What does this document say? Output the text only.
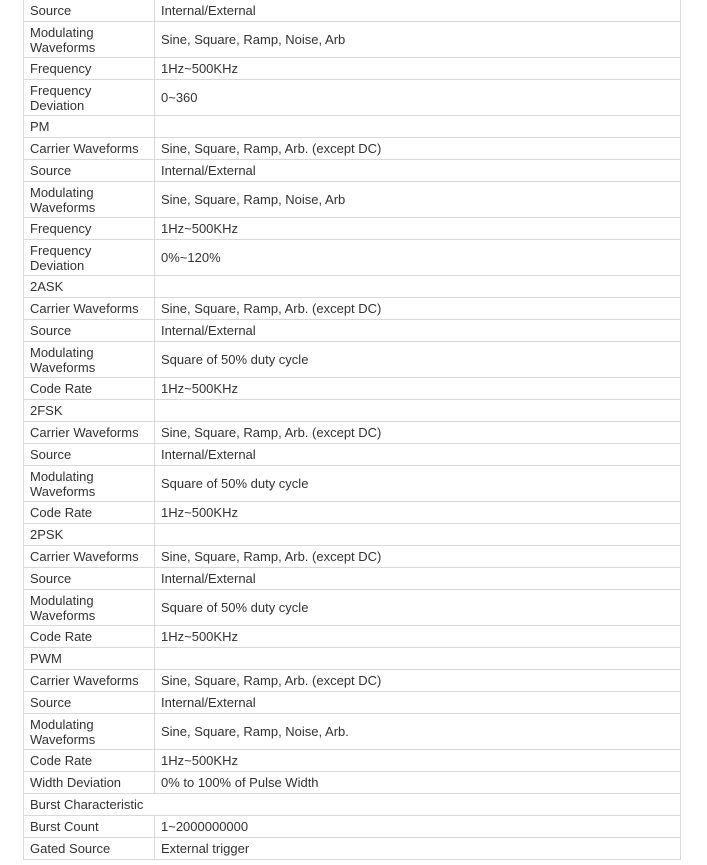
Source	Internal/External
Modulating Waveforms	Sine, Square, Ramp, Noise, Arb
Frequency	1Hz~500KHz
Frequency Deviation	0~360
PM	
Carrier Waveforms	Sine, Square, Ramp, Arb. (except DC)
Source	Internal/External
Modulating Waveforms	Sine, Square, Ramp, Noise, Arb
Frequency	1Hz~500KHz
Frequency Deviation	0%~120%
2ASK	
Carrier Waveforms	Sine, Square, Ramp, Arb. (except DC)
Source	Internal/External
Modulating Waveforms	Square of 50% duty cycle
Code Rate	1Hz~500KHz
2FSK	
Carrier Waveforms	Sine, Square, Ramp, Arb. (except DC)
Source	Internal/External
Modulating Waveforms	Square of 50% duty cycle
Code Rate	1Hz~500KHz
2PSK	
Carrier Waveforms	Sine, Square, Ramp, Arb. (except DC)
Source	Internal/External
Modulating Waveforms	Square of 50% duty cycle
Code Rate	1Hz~500KHz
PWM	
Carrier Waveforms	Sine, Square, Ramp, Arb. (except DC)
Source	Internal/External
Modulating Waveforms	Sine, Square, Ramp, Noise, Arb.
Code Rate	1Hz~500KHz
Width Deviation	0% to 100% of Pulse Width
Burst Characteristic	
Burst Count	1~2000000000
Gated Source	External trigger
